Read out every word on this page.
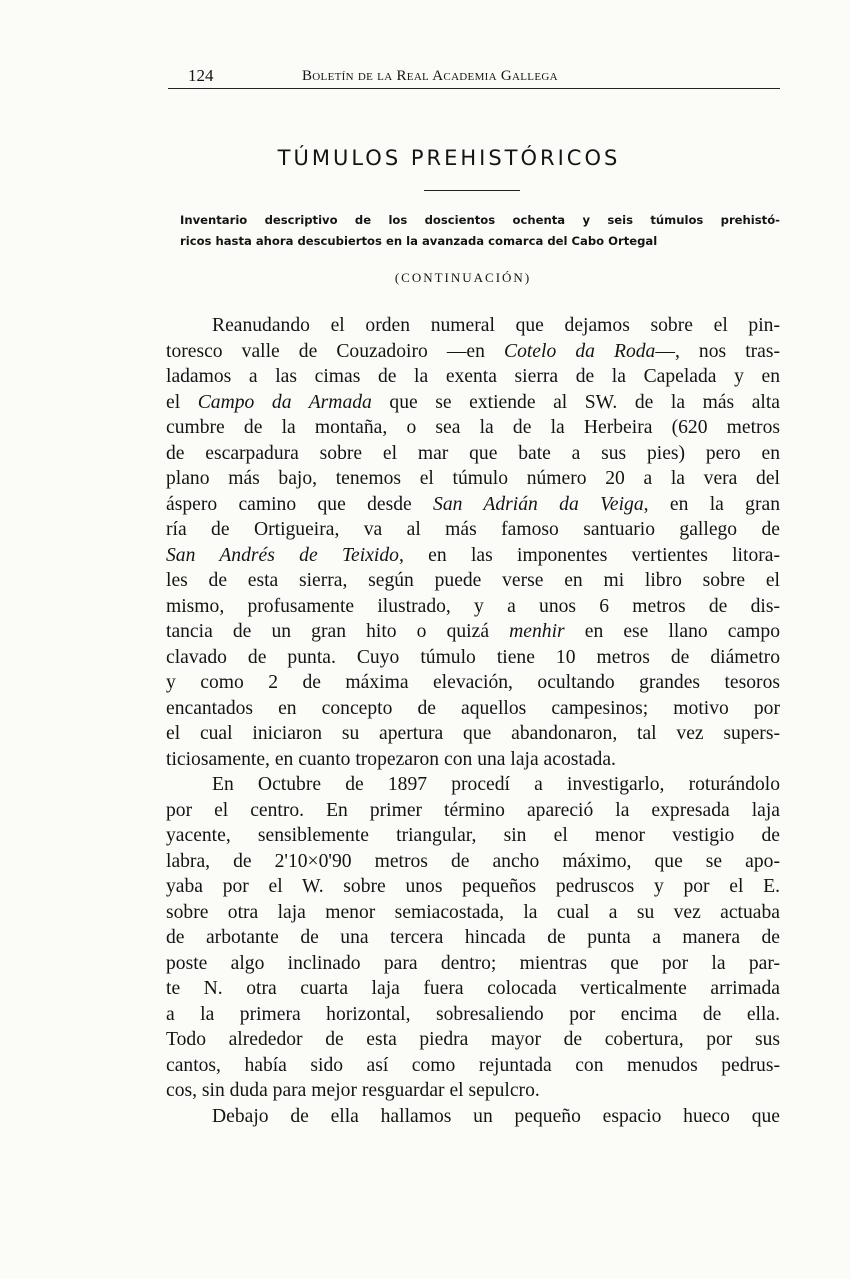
124	Boletín de la Real Academia Gallega
TÚMULOS PREHISTÓRICOS
Inventario descriptivo de los doscientos ochenta y seis túmulos prehistó-
ricos hasta ahora descubiertos en la avanzada comarca del Cabo Ortegal
(CONTINUACIÓN)
Reanudando el orden numeral que dejamos sobre el pin-
toresco valle de Couzadoiro —en Cotelo da Roda—, nos tras-
ladamos a las cimas de la exenta sierra de la Capelada y en
el Campo da Armada que se extiende al SW. de la más alta
cumbre de la montaña, o sea la de la Herbeira (620 metros
de escarpadura sobre el mar que bate a sus pies) pero en
plano más bajo, tenemos el túmulo número 20 a la vera del
áspero camino que desde San Adrián da Veiga, en la gran
ría de Ortigueira, va al más famoso santuario gallego de
San Andrés de Teixido, en las imponentes vertientes litora-
les de esta sierra, según puede verse en mi libro sobre el
mismo, profusamente ilustrado, y a unos 6 metros de dis-
tancia de un gran hito o quizá menhir en ese llano campo
clavado de punta. Cuyo túmulo tiene 10 metros de diámetro
y como 2 de máxima elevación, ocultando grandes tesoros
encantados en concepto de aquellos campesinos; motivo por
el cual iniciaron su apertura que abandonaron, tal vez supers-
ticiosamente, en cuanto tropezaron con una laja acostada.
En Octubre de 1897 procedí a investigarlo, roturándolo
por el centro. En primer término apareció la expresada laja
yacente, sensiblemente triangular, sin el menor vestigio de
labra, de 2'10×0'90 metros de ancho máximo, que se apo-
yaba por el W. sobre unos pequeños pedruscos y por el E.
sobre otra laja menor semiacostada, la cual a su vez actuaba
de arbotante de una tercera hincada de punta a manera de
poste algo inclinado para dentro; mientras que por la par-
te N. otra cuarta laja fuera colocada verticalmente arrimada
a la primera horizontal, sobresaliendo por encima de ella.
Todo alrededor de esta piedra mayor de cobertura, por sus
cantos, había sido así como rejuntada con menudos pedrus-
cos, sin duda para mejor resguardar el sepulcro.
Debajo de ella hallamos un pequeño espacio hueco que
